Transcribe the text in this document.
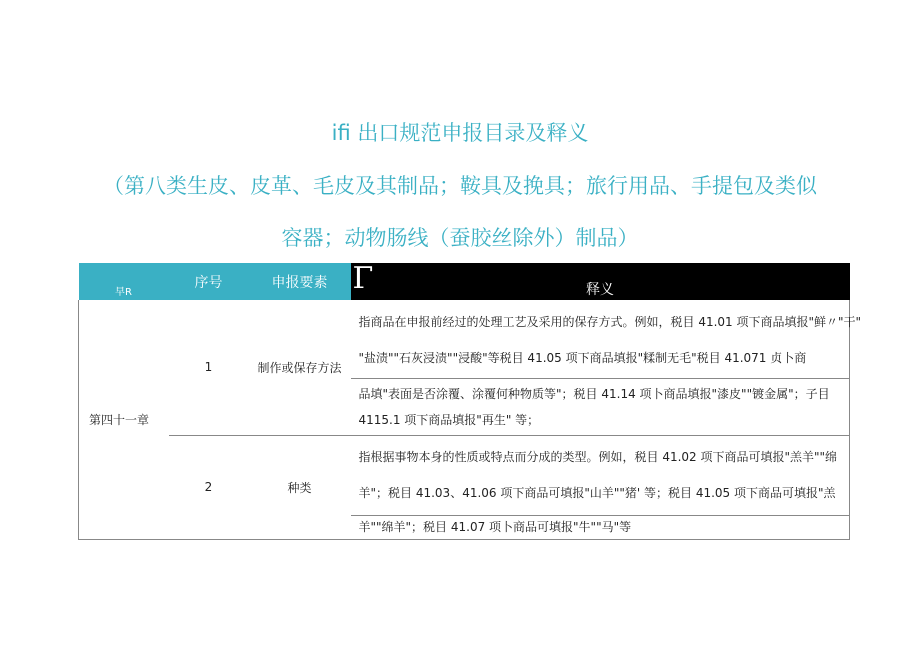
ifi 出口规范申报目录及释义
（第八类生皮、皮革、毛皮及其制品；鞍具及挽具；旅行用品、手提包及类似
容器；动物肠线（蚕胶丝除外）制品）
早R	序号	申报要素	Γ 释义

第四十一章	1	制作或保存方法	指商品在申报前经过的处理工艺及采用的保存方式。例如，税目 41.01 项下商品填报"鲜〃"干"
"盐渍""石灰浸渍""浸酸"等税目 41.05 项下商品填报"糅制无毛"税目 41.071 贞卜商

			品填"表面是否涂覆、涂覆何种物质等"；税目 41.14 项卜商品填报"漆皮""镀金属"；子目
4115.1 项下商品填报"再生" 等；

	2	种类	指根据事物本身的性质或特点而分成的类型。例如，税目 41.02 项下商品可填报"羔羊""绵
羊"；税目 41.03、41.06 项下商品可填报"山羊""猪' 等；税目 41.05 项下商品可填报"羔

			羊""绵羊"；税目 41.07 项卜商品可填报"牛""马"等
